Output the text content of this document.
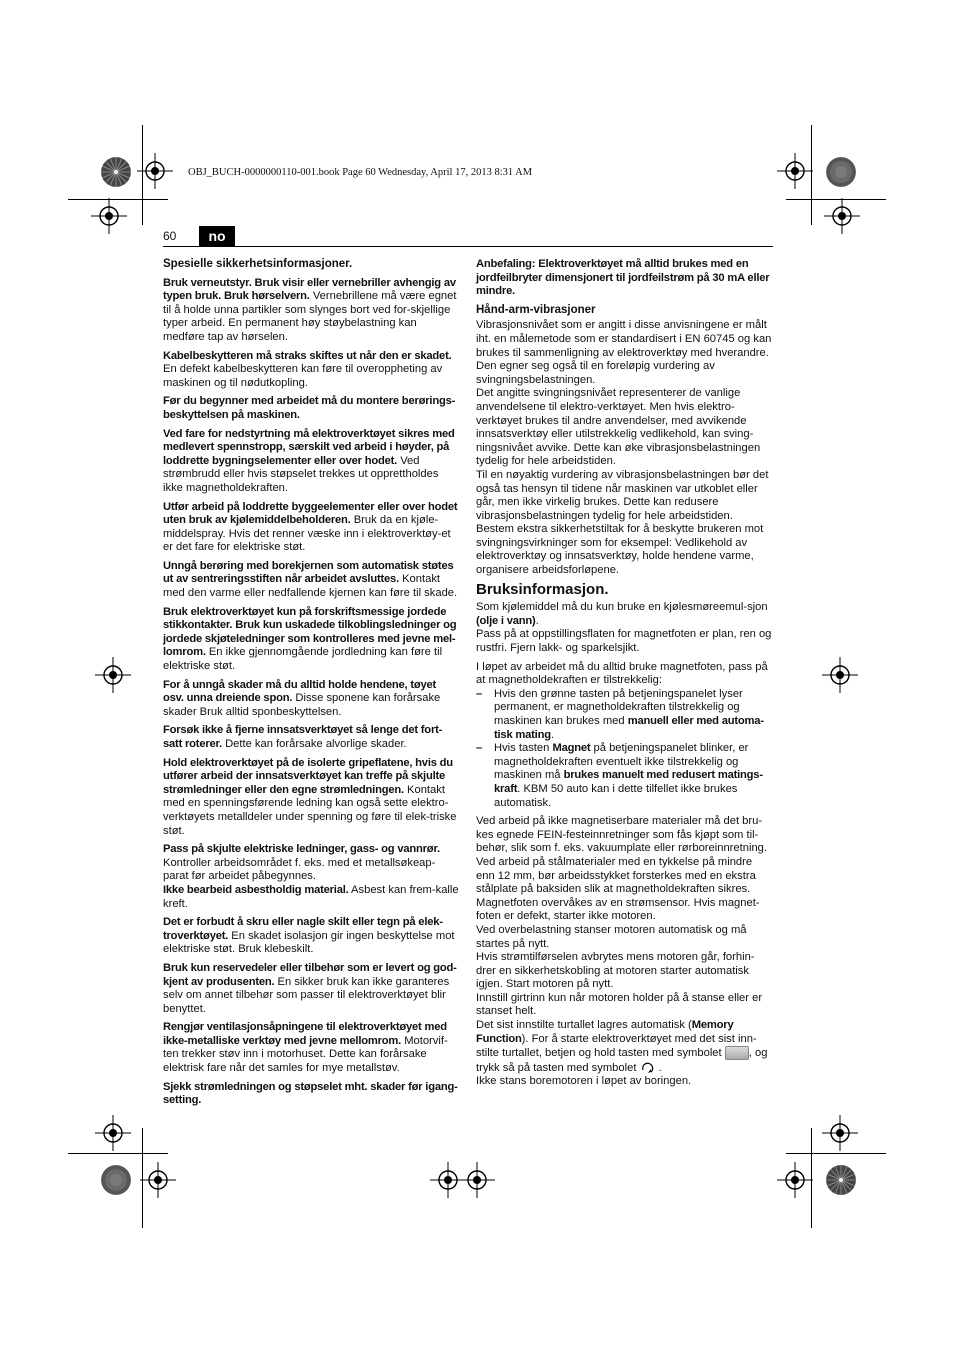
OBJ_BUCH-0000000110-001.book Page 60 Wednesday, April 17, 2013 8:31 AM
60	no

Spesielle sikkerhetsinformasjoner.

Bruk verneutstyr. Bruk visir eller vernebriller avhengig av typen bruk. Bruk hørselvern. Vernebrillene må være egnet til å holde unna partikler som slynges bort ved for-skjellige typer arbeid. En permanent høy støybelastning kan medføre tap av hørselen.

Kabelbeskytteren må straks skiftes ut når den er skadet. En defekt kabelbeskytteren kan føre til overoppheting av maskinen og til nødutkopling.

Før du begynner med arbeidet må du montere berørings-beskyttelsen på maskinen.

Ved fare for nedstyrtning må elektroverktøyet sikres med medlevert spennstropp, særskilt ved arbeid i høyder, på loddrette bygningselementer eller over hodet. Ved strømbrudd eller hvis støpselet trekkes ut opprettholdes ikke magnetholdekraften.

Utfør arbeid på loddrette byggeelementer eller over hodet uten bruk av kjølemiddelbeholderen. Bruk da en kjøle-middelspray. Hvis det renner væske inn i elektroverktøy-et er det fare for elektriske støt.

Unngå berøring med borekjernen som automatisk støtes ut av sentreringsstiften når arbeidet avsluttes. Kontakt med den varme eller nedfallende kjernen kan føre til skade.

Bruk elektroverktøyet kun på forskriftsmessige jordede stikkontakter. Bruk kun uskadede tilkoblingsledninger og jordede skjøteledninger som kontrolleres med jevne mel-lomrom. En ikke gjennomgående jordledning kan føre til elektriske støt.

For å unngå skader må du alltid holde hendene, tøyet osv. unna dreiende spon. Disse sponene kan forårsake skader Bruk alltid sponbeskyttelsen.

Forsøk ikke å fjerne innsatsverktøyet så lenge det fort-satt roterer. Dette kan forårsake alvorlige skader.

Hold elektroverktøyet på de isolerte gripeflatene, hvis du utfører arbeid der innsatsverktøyet kan treffe på skjulte strømledninger eller den egne strømledningen. Kontakt med en spenningsførende ledning kan også sette elektro-verktøyets metalldeler under spenning og føre til elek-triske støt.

Pass på skjulte elektriske ledninger, gass- og vannrør. Kontroller arbeidsområdet f. eks. med et metallsøkeap-parat før arbeidet påbegynnes.

Ikke bearbeid asbestholdig material. Asbest kan frem-kalle kreft.

Det er forbudt å skru eller nagle skilt eller tegn på elek-troverktøyet. En skadet isolasjon gir ingen beskyttelse mot elektriske støt. Bruk klebeskilt.

Bruk kun reservedeler eller tilbehør som er levert og god-kjent av produsenten. En sikker bruk kan ikke garanteres selv om annet tilbehør som passer til elektroverktøyet blir benyttet.

Rengjør ventilasjonsåpningene til elektroverktøyet med ikke-metalliske verktøy med jevne mellomrom. Motorvif-ten trekker støv inn i motorhuset. Dette kan forårsake elektrisk fare når det samles for mye metallstøv.

Sjekk strømledningen og støpselet mht. skader før igang-setting.

Anbefaling: Elektroverktøyet må alltid brukes med en jordfeilbryter dimensjonert til jordfeilstrøm på 30 mA eller mindre.

Hånd-arm-vibrasjoner

Vibrasjonsnivået som er angitt i disse anvisningene er målt iht. en målemetode som er standardisert i EN 60745 og kan brukes til sammenligning av elektroverktøy med hverandre. Den egner seg også til en foreløpig vurdering av svingningsbelastningen.

Det angitte svingningsnivået representerer de vanlige anvendelsene til elektro-verktøyet. Men hvis elektro-verktøyet brukes til andre anvendelser, med avvikende innsatsverktøy eller utilstrekkelig vedlikehold, kan sving-ningsnivået avvike. Dette kan øke vibrasjonsbelastningen tydelig for hele arbeidstiden.

Til en nøyaktig vurdering av vibrasjonsbelastningen bør det også tas hensyn til tidene når maskinen var utkoblet eller går, men ikke virkelig brukes. Dette kan redusere vibrasjonsbelastningen tydelig for hele arbeidstiden.

Bestem ekstra sikkerhetstiltak for å beskytte brukeren mot svingningsvirkninger som for eksempel: Vedlikehold av elektroverktøy og innsatsverktøy, holde hendene varme, organisere arbeidsforløpene.

Bruksinformasjon.

Som kjølemiddel må du kun bruke en kjølesmøreemul-sjon (olje i vann).

Pass på at oppstillingsflaten for magnetfoten er plan, ren og rustfri. Fjern lakk- og sparkelsjikt.

I løpet av arbeidet må du alltid bruke magnetfoten, pass på at magnetholdekraften er tilstrekkelig:

–	Hvis den grønne tasten på betjeningspanelet lyser permanent, er magnetholdekraften tilstrekkelig og maskinen kan brukes med manuell eller med automa-tisk mating.
–	Hvis tasten Magnet på betjeningspanelet blinker, er magnetholdekraften eventuelt ikke tilstrekkelig og maskinen må brukes manuelt med redusert matings-kraft. KBM 50 auto kan i dette tilfellet ikke brukes automatisk.

Ved arbeid på ikke magnetiserbare materialer må det bru-kes egnede FEIN-festeinnretninger som fås kjøpt som til-behør, slik som f. eks. vakuumplate eller rørboreinnretning.

Ved arbeid på stålmaterialer med en tykkelse på mindre enn 12 mm, bør arbeidsstykket forsterkes med en ekstra stålplate på baksiden slik at magnetholdekraften sikres.

Magnetfoten overvåkes av en strømsensor. Hvis magnet-foten er defekt, starter ikke motoren.

Ved overbelastning stanser motoren automatisk og må startes på nytt.

Hvis strømtilførselen avbrytes mens motoren går, forhin-drer en sikkerhetskobling at motoren starter automatisk igjen. Start motoren på nytt.

Innstill girtrinn kun når motoren holder på å stanse eller er stanset helt.

Det sist innstilte turtallet lagres automatisk (Memory Function). For å starte elektroverktøyet med det sist inn-stilte turtallet, betjen og hold tasten med symbolet , og trykk så på tasten med symbolet .

Ikke stans boremotoren i løpet av boringen.
